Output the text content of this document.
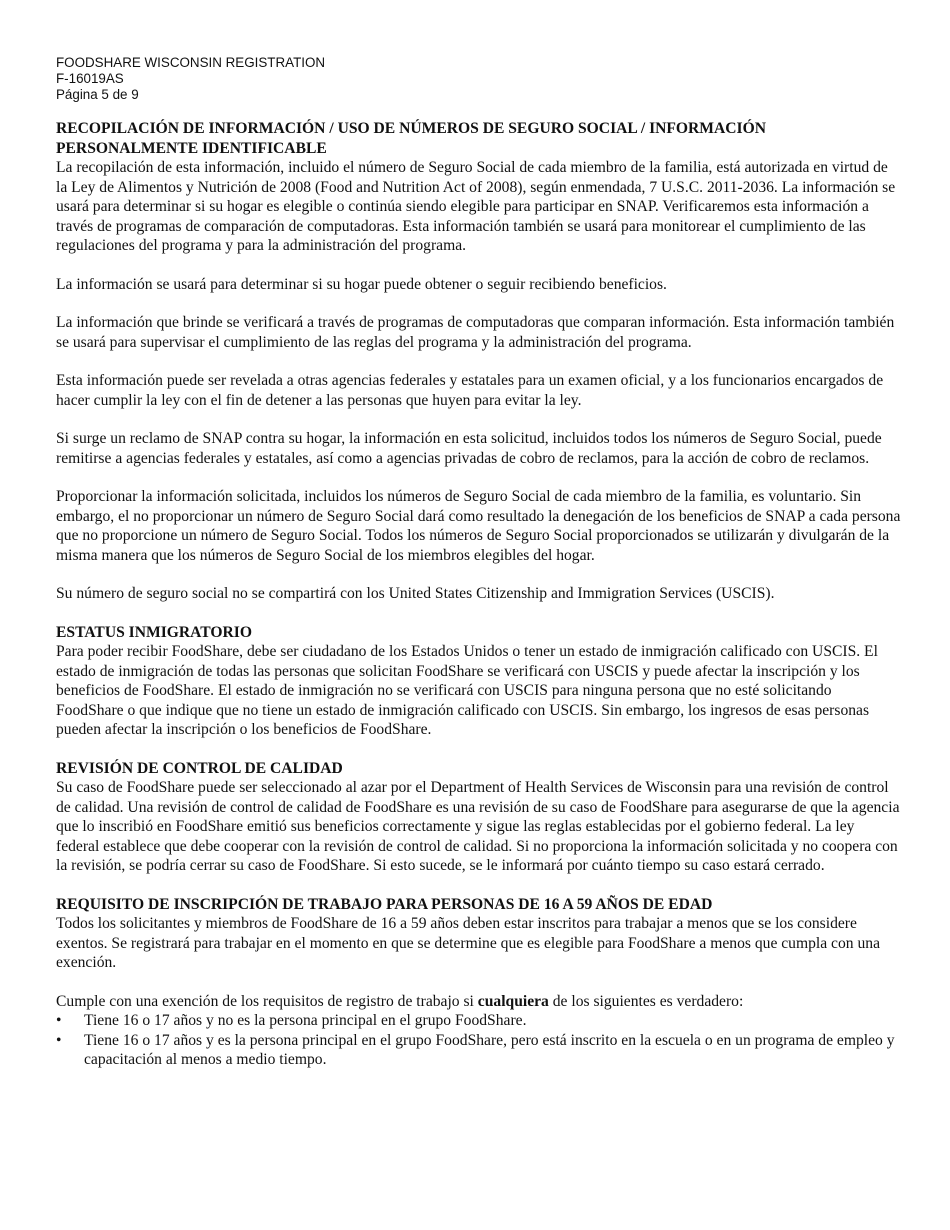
FOODSHARE WISCONSIN REGISTRATION
F-16019AS
Página 5 de 9
RECOPILACIÓN DE INFORMACIÓN / USO DE NÚMEROS DE SEGURO SOCIAL / INFORMACIÓN PERSONALMENTE IDENTIFICABLE

La recopilación de esta información, incluido el número de Seguro Social de cada miembro de la familia, está autorizada en virtud de la Ley de Alimentos y Nutrición de 2008 (Food and Nutrition Act of 2008), según enmendada, 7 U.S.C. 2011-2036. La información se usará para determinar si su hogar es elegible o continúa siendo elegible para participar en SNAP. Verificaremos esta información a través de programas de comparación de computadoras. Esta información también se usará para monitorear el cumplimiento de las regulaciones del programa y para la administración del programa.

La información se usará para determinar si su hogar puede obtener o seguir recibiendo beneficios.

La información que brinde se verificará a través de programas de computadoras que comparan información. Esta información también se usará para supervisar el cumplimiento de las reglas del programa y la administración del programa.

Esta información puede ser revelada a otras agencias federales y estatales para un examen oficial, y a los funcionarios encargados de hacer cumplir la ley con el fin de detener a las personas que huyen para evitar la ley.

Si surge un reclamo de SNAP contra su hogar, la información en esta solicitud, incluidos todos los números de Seguro Social, puede remitirse a agencias federales y estatales, así como a agencias privadas de cobro de reclamos, para la acción de cobro de reclamos.

Proporcionar la información solicitada, incluidos los números de Seguro Social de cada miembro de la familia, es voluntario. Sin embargo, el no proporcionar un número de Seguro Social dará como resultado la denegación de los beneficios de SNAP a cada persona que no proporcione un número de Seguro Social. Todos los números de Seguro Social proporcionados se utilizarán y divulgarán de la misma manera que los números de Seguro Social de los miembros elegibles del hogar.

Su número de seguro social no se compartirá con los United States Citizenship and Immigration Services (USCIS).

ESTATUS INMIGRATORIO

Para poder recibir FoodShare, debe ser ciudadano de los Estados Unidos o tener un estado de inmigración calificado con USCIS. El estado de inmigración de todas las personas que solicitan FoodShare se verificará con USCIS y puede afectar la inscripción y los beneficios de FoodShare. El estado de inmigración no se verificará con USCIS para ninguna persona que no esté solicitando FoodShare o que indique que no tiene un estado de inmigración calificado con USCIS. Sin embargo, los ingresos de esas personas pueden afectar la inscripción o los beneficios de FoodShare.

REVISIÓN DE CONTROL DE CALIDAD

Su caso de FoodShare puede ser seleccionado al azar por el Department of Health Services de Wisconsin para una revisión de control de calidad. Una revisión de control de calidad de FoodShare es una revisión de su caso de FoodShare para asegurarse de que la agencia que lo inscribió en FoodShare emitió sus beneficios correctamente y sigue las reglas establecidas por el gobierno federal. La ley federal establece que debe cooperar con la revisión de control de calidad. Si no proporciona la información solicitada y no coopera con la revisión, se podría cerrar su caso de FoodShare. Si esto sucede, se le informará por cuánto tiempo su caso estará cerrado.

REQUISITO DE INSCRIPCIÓN DE TRABAJO PARA PERSONAS DE 16 A 59 AÑOS DE EDAD

Todos los solicitantes y miembros de FoodShare de 16 a 59 años deben estar inscritos para trabajar a menos que se los considere exentos. Se registrará para trabajar en el momento en que se determine que es elegible para FoodShare a menos que cumpla con una exención.

Cumple con una exención de los requisitos de registro de trabajo si cualquiera de los siguientes es verdadero:

• Tiene 16 o 17 años y no es la persona principal en el grupo FoodShare.
• Tiene 16 o 17 años y es la persona principal en el grupo FoodShare, pero está inscrito en la escuela o en un programa de empleo y capacitación al menos a medio tiempo.
